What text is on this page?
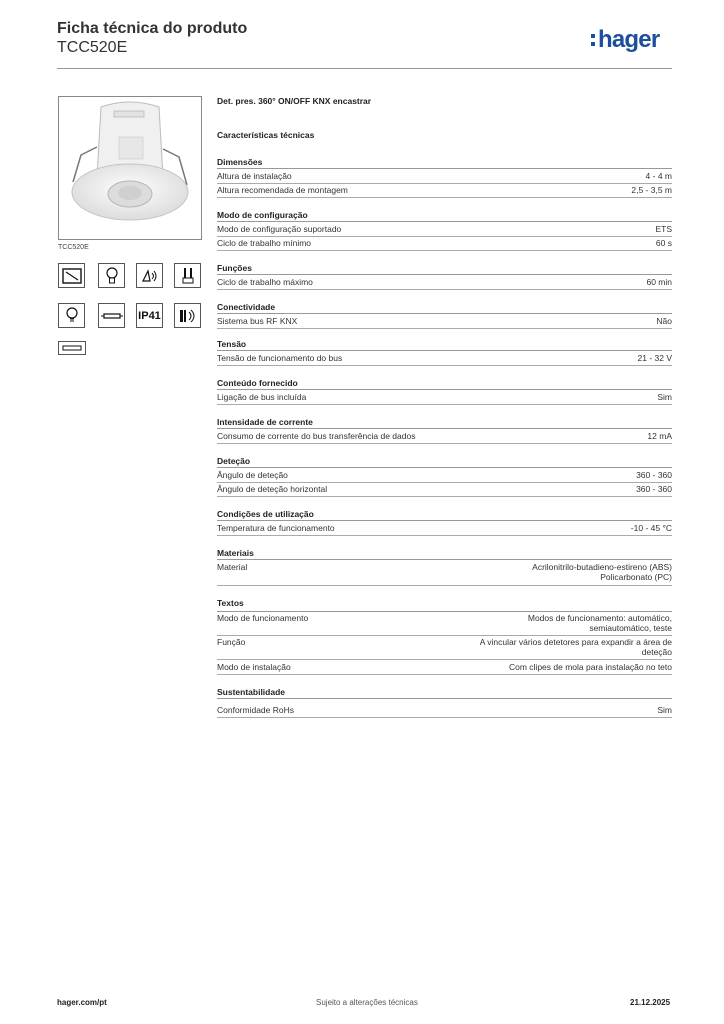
Ficha técnica do produto
TCC520E	hager
TCC520E
IP41
Det. pres. 360° ON/OFF KNX encastrar
Características técnicas
Dimensões
Altura de instalação	4 - 4 m
Altura recomendada de montagem	2,5 - 3,5 m
Modo de configuração
Modo de configuração suportado	ETS
Ciclo de trabalho mínimo	60 s
Funções
Ciclo de trabalho máximo	60 min
Conectividade
Sistema bus RF KNX	Não
Tensão
Tensão de funcionamento do bus	21 - 32 V
Conteúdo fornecido
Ligação de bus incluída	Sim
Intensidade de corrente
Consumo de corrente do bus transferência de dados	12 mA
Deteção
Ângulo de deteção	360 - 360
Ângulo de deteção horizontal	360 - 360
Condições de utilização
Temperatura de funcionamento	-10 - 45 °C
Materiais
Material	Acrilonitrilo-butadieno-estireno (ABS)
Policarbonato (PC)
Textos
Modo de funcionamento	Modos de funcionamento: automático,
semiautomático, teste
Função	A vincular vários detetores para expandir a área de
deteção
Modo de instalação	Com clipes de mola para instalação no teto
Sustentabilidade
Conformidade RoHs	Sim
hager.com/pt	Sujeito a alterações técnicas	21.12.2025
